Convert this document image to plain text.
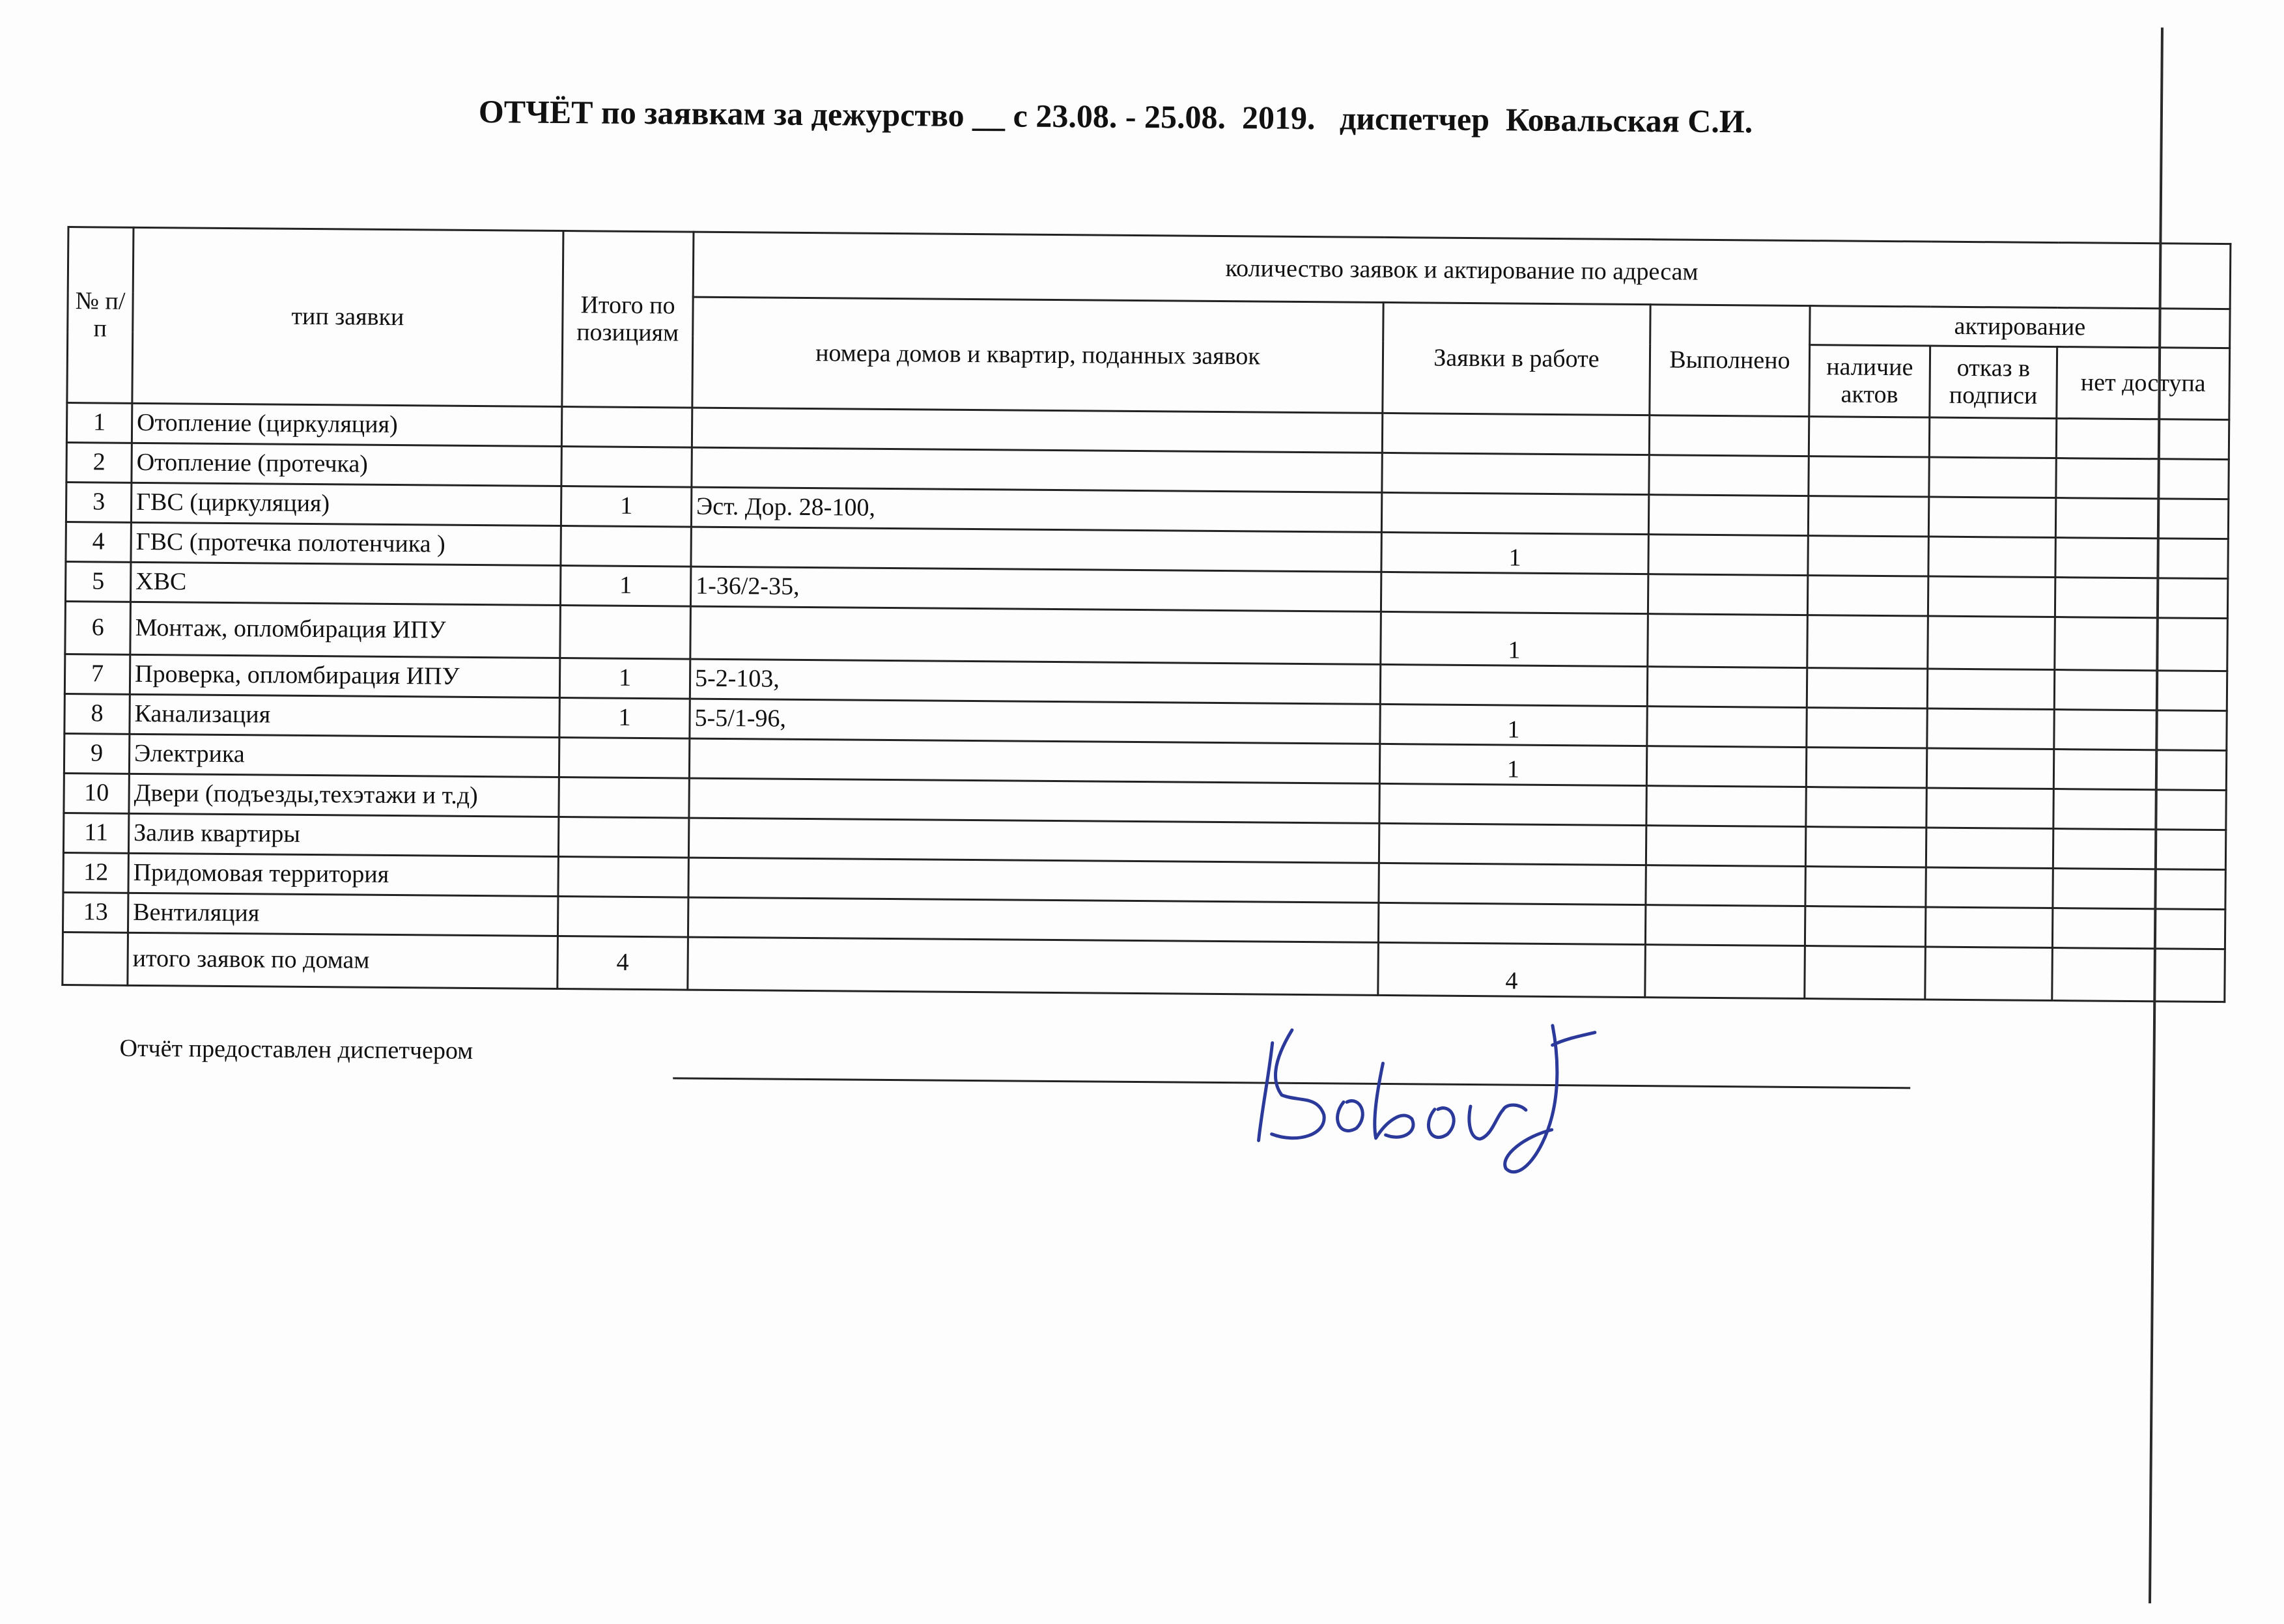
ОТЧЁТ по заявкам за дежурство __ с 23.08. - 25.08.  2019.   диспетчер  Ковальская С.И.
№ п/п	тип заявки	Итого по позициям	количество заявок и актирование по адресам					
			номера домов и квартир, поданных заявок	Заявки в работе	Выполнено	актирование		
						наличие актов	отказ в подписи	нет доступа
1	Отопление (циркуляция)							
2	Отопление (протечка)							
3	ГВС (циркуляция)	1	Эст. Дор. 28-100,					
4	ГВС (протечка полотенчика )			1				
5	ХВС	1	1-36/2-35,					
6	Монтаж, опломбирация ИПУ			1				
7	Проверка, опломбирация ИПУ	1	5-2-103,					
8	Канализация	1	5-5/1-96,	1				
9	Электрика			1				
10	Двери (подъезды,техэтажи и т.д)							
11	Залив квартиры							
12	Придомовая территория							
13	Вентиляция							
	итого заявок по домам	4		4				
Отчёт предоставлен диспетчером
